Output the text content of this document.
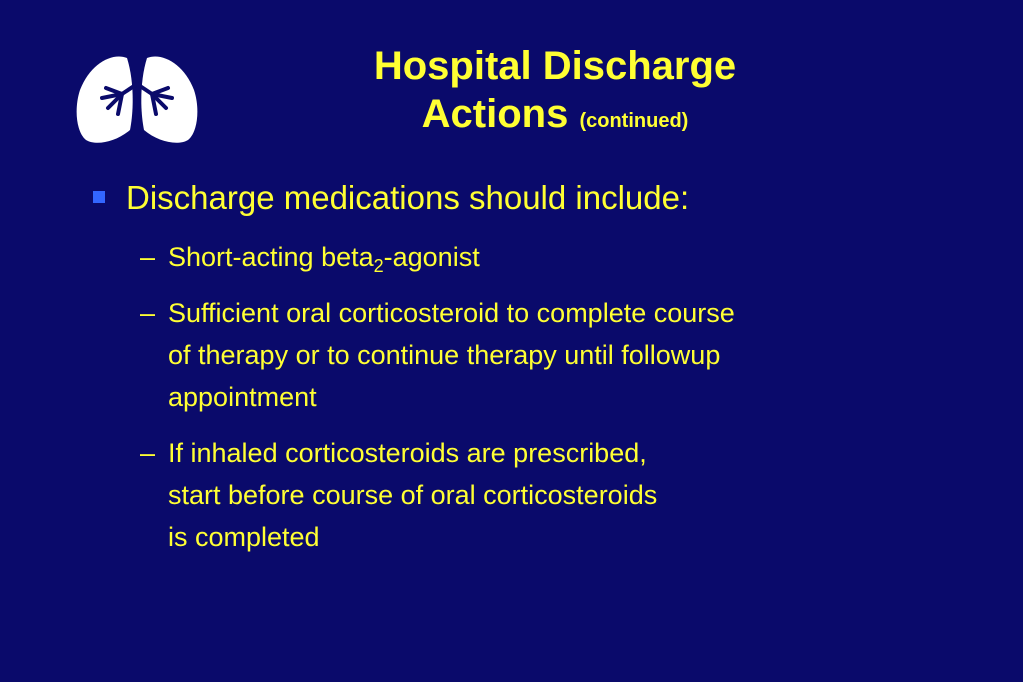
Hospital Discharge
Actions (continued)
Discharge medications should include:
– Short-acting beta$_2$-agonist
– Sufficient oral corticosteroid to complete course
of therapy or to continue therapy until followup
appointment
– If inhaled corticosteroids are prescribed,
start before course of oral corticosteroids
is completed
